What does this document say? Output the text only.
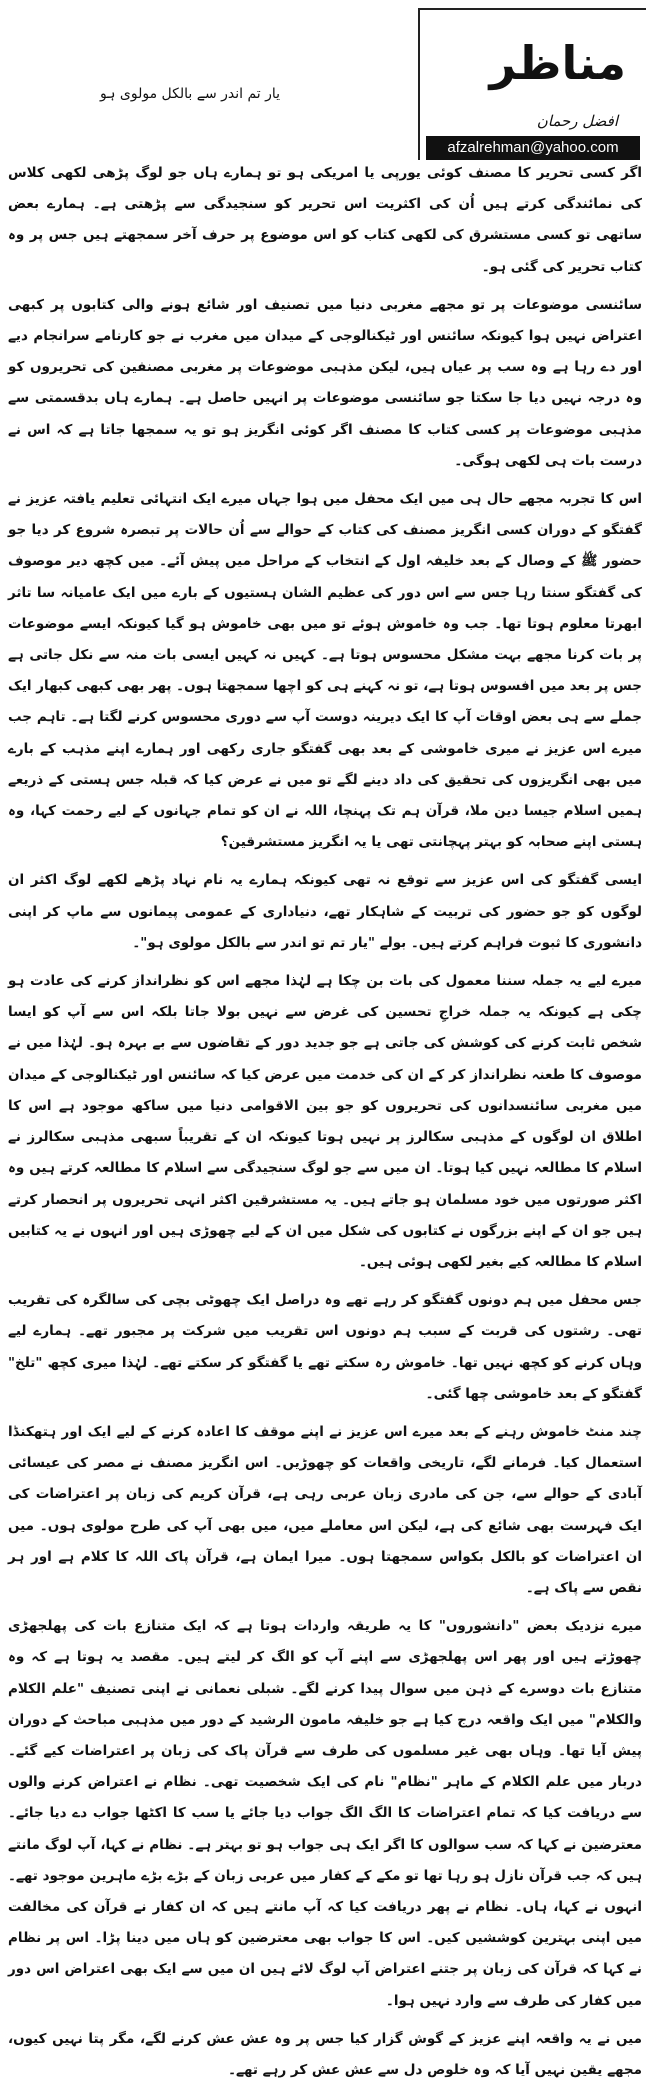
مناظر
افضل رحمان
afzalrehman@yahoo.com
یار تم اندر سے بالکل مولوی ہو

اگر کسی تحریر کا مصنف کوئی یورپی یا امریکی ہو تو ہمارے ہاں جو لوگ پڑھی لکھی کلاس کی نمائندگی کرتے ہیں اُن کی اکثریت اس تحریر کو سنجیدگی سے پڑھتی ہے۔ ہمارے بعض ساتھی تو کسی مستشرق کی لکھی کتاب کو اس موضوع پر حرف آخر سمجھتے ہیں جس پر وہ کتاب تحریر کی گئی ہو۔

سائنسی موضوعات پر تو مجھے مغربی دنیا میں تصنیف اور شائع ہونے والی کتابوں پر کبھی اعتراض نہیں ہوا کیونکہ سائنس اور ٹیکنالوجی کے میدان میں مغرب نے جو کارنامے سرانجام دیے اور دے رہا ہے وہ سب پر عیاں ہیں، لیکن مذہبی موضوعات پر مغربی مصنفین کی تحریروں کو وہ درجہ نہیں دیا جا سکتا جو سائنسی موضوعات پر انہیں حاصل ہے۔ ہمارے ہاں بدقسمتی سے مذہبی موضوعات پر کسی کتاب کا مصنف اگر کوئی انگریز ہو تو یہ سمجھا جاتا ہے کہ اس نے درست بات ہی لکھی ہوگی۔

اس کا تجربہ مجھے حال ہی میں ایک محفل میں ہوا جہاں میرے ایک انتہائی تعلیم یافتہ عزیز نے گفتگو کے دوران کسی انگریز مصنف کی کتاب کے حوالے سے اُن حالات پر تبصرہ شروع کر دیا جو حضور ﷺ کے وصال کے بعد خلیفہ اول کے انتخاب کے مراحل میں پیش آئے۔ میں کچھ دیر موصوف کی گفتگو سنتا رہا جس سے اس دور کی عظیم الشان ہستیوں کے بارے میں ایک عامیانہ سا تاثر ابھرتا معلوم ہوتا تھا۔ جب وہ خاموش ہوئے تو میں بھی خاموش ہو گیا کیونکہ ایسے موضوعات پر بات کرنا مجھے بہت مشکل محسوس ہوتا ہے۔ کہیں نہ کہیں ایسی بات منہ سے نکل جاتی ہے جس پر بعد میں افسوس ہوتا ہے، تو نہ کہنے ہی کو اچھا سمجھتا ہوں۔ پھر بھی کبھی کبھار ایک جملے سے ہی بعض اوقات آپ کا ایک دیرینہ دوست آپ سے دوری محسوس کرنے لگتا ہے۔ تاہم جب میرے اس عزیز نے میری خاموشی کے بعد بھی گفتگو جاری رکھی اور ہمارے اپنے مذہب کے بارے میں بھی انگریزوں کی تحقیق کی داد دینے لگے تو میں نے عرض کیا کہ قبلہ جس ہستی کے ذریعے ہمیں اسلام جیسا دین ملا، قرآن ہم تک پہنچا، اللہ نے ان کو تمام جہانوں کے لیے رحمت کہا، وہ ہستی اپنے صحابہ کو بہتر پہچانتی تھی یا یہ انگریز مستشرقین؟

ایسی گفتگو کی اس عزیز سے توقع نہ تھی کیونکہ ہمارے یہ نام نہاد پڑھے لکھے لوگ اکثر ان لوگوں کو جو حضور کی تربیت کے شاہکار تھے، دنیاداری کے عمومی پیمانوں سے ماپ کر اپنی دانشوری کا ثبوت فراہم کرتے ہیں۔ بولے "یار تم تو اندر سے بالکل مولوی ہو"۔

میرے لیے یہ جملہ سننا معمول کی بات بن چکا ہے لہٰذا مجھے اس کو نظرانداز کرنے کی عادت ہو چکی ہے کیونکہ یہ جملہ خراجِ تحسین کی غرض سے نہیں بولا جاتا بلکہ اس سے آپ کو ایسا شخص ثابت کرنے کی کوشش کی جاتی ہے جو جدید دور کے تقاضوں سے بے بہرہ ہو۔ لہٰذا میں نے موصوف کا طعنہ نظرانداز کر کے ان کی خدمت میں عرض کیا کہ سائنس اور ٹیکنالوجی کے میدان میں مغربی سائنسدانوں کی تحریروں کو جو بین الاقوامی دنیا میں ساکھ موجود ہے اس کا اطلاق ان لوگوں کے مذہبی سکالرز پر نہیں ہوتا کیونکہ ان کے تقریباً سبھی مذہبی سکالرز نے اسلام کا مطالعہ نہیں کیا ہوتا۔ ان میں سے جو لوگ سنجیدگی سے اسلام کا مطالعہ کرتے ہیں وہ اکثر صورتوں میں خود مسلمان ہو جاتے ہیں۔ یہ مستشرقین اکثر انہی تحریروں پر انحصار کرتے ہیں جو ان کے اپنے بزرگوں نے کتابوں کی شکل میں ان کے لیے چھوڑی ہیں اور انہوں نے یہ کتابیں اسلام کا مطالعہ کیے بغیر لکھی ہوئی ہیں۔

جس محفل میں ہم دونوں گفتگو کر رہے تھے وہ دراصل ایک چھوٹی بچی کی سالگرہ کی تقریب تھی۔ رشتوں کی قربت کے سبب ہم دونوں اس تقریب میں شرکت پر مجبور تھے۔ ہمارے لیے وہاں کرنے کو کچھ نہیں تھا۔ خاموش رہ سکتے تھے یا گفتگو کر سکتے تھے۔ لہٰذا میری کچھ "تلخ" گفتگو کے بعد خاموشی چھا گئی۔

چند منٹ خاموش رہنے کے بعد میرے اس عزیز نے اپنے موقف کا اعادہ کرنے کے لیے ایک اور ہتھکنڈا استعمال کیا۔ فرمانے لگے، تاریخی واقعات کو چھوڑیں۔ اس انگریز مصنف نے مصر کی عیسائی آبادی کے حوالے سے، جن کی مادری زبان عربی رہی ہے، قرآن کریم کی زبان پر اعتراضات کی ایک فہرست بھی شائع کی ہے، لیکن اس معاملے میں، میں بھی آپ کی طرح مولوی ہوں۔ میں ان اعتراضات کو بالکل بکواس سمجھتا ہوں۔ میرا ایمان ہے، قرآن پاک اللہ کا کلام ہے اور ہر نقص سے پاک ہے۔

میرے نزدیک بعض "دانشوروں" کا یہ طریقہ واردات ہوتا ہے کہ ایک متنازع بات کی پھلجھڑی چھوڑتے ہیں اور پھر اس پھلجھڑی سے اپنے آپ کو الگ کر لیتے ہیں۔ مقصد یہ ہوتا ہے کہ وہ متنازع بات دوسرے کے ذہن میں سوال پیدا کرنے لگے۔ شبلی نعمانی نے اپنی تصنیف "علم الکلام والکلام" میں ایک واقعہ درج کیا ہے جو خلیفہ مامون الرشید کے دور میں مذہبی مباحث کے دوران پیش آیا تھا۔ وہاں بھی غیر مسلموں کی طرف سے قرآن پاک کی زبان پر اعتراضات کیے گئے۔ دربار میں علم الکلام کے ماہر "نظام" نام کی ایک شخصیت تھی۔ نظام نے اعتراض کرنے والوں سے دریافت کیا کہ تمام اعتراضات کا الگ الگ جواب دیا جائے یا سب کا اکٹھا جواب دے دیا جائے۔ معترضین نے کہا کہ سب سوالوں کا اگر ایک ہی جواب ہو تو بہتر ہے۔ نظام نے کہا، آپ لوگ مانتے ہیں کہ جب قرآن نازل ہو رہا تھا تو مکے کے کفار میں عربی زبان کے بڑے بڑے ماہرین موجود تھے۔ انہوں نے کہا، ہاں۔ نظام نے پھر دریافت کیا کہ آپ مانتے ہیں کہ ان کفار نے قرآن کی مخالفت میں اپنی بہترین کوششیں کیں۔ اس کا جواب بھی معترضین کو ہاں میں دینا پڑا۔ اس پر نظام نے کہا کہ قرآن کی زبان پر جتنے اعتراض آپ لوگ لائے ہیں ان میں سے ایک بھی اعتراض اس دور میں کفار کی طرف سے وارد نہیں ہوا۔

میں نے یہ واقعہ اپنے عزیز کے گوش گزار کیا جس پر وہ عش عش کرنے لگے، مگر پتا نہیں کیوں، مجھے یقین نہیں آیا کہ وہ خلوص دل سے عش عش کر رہے تھے۔
